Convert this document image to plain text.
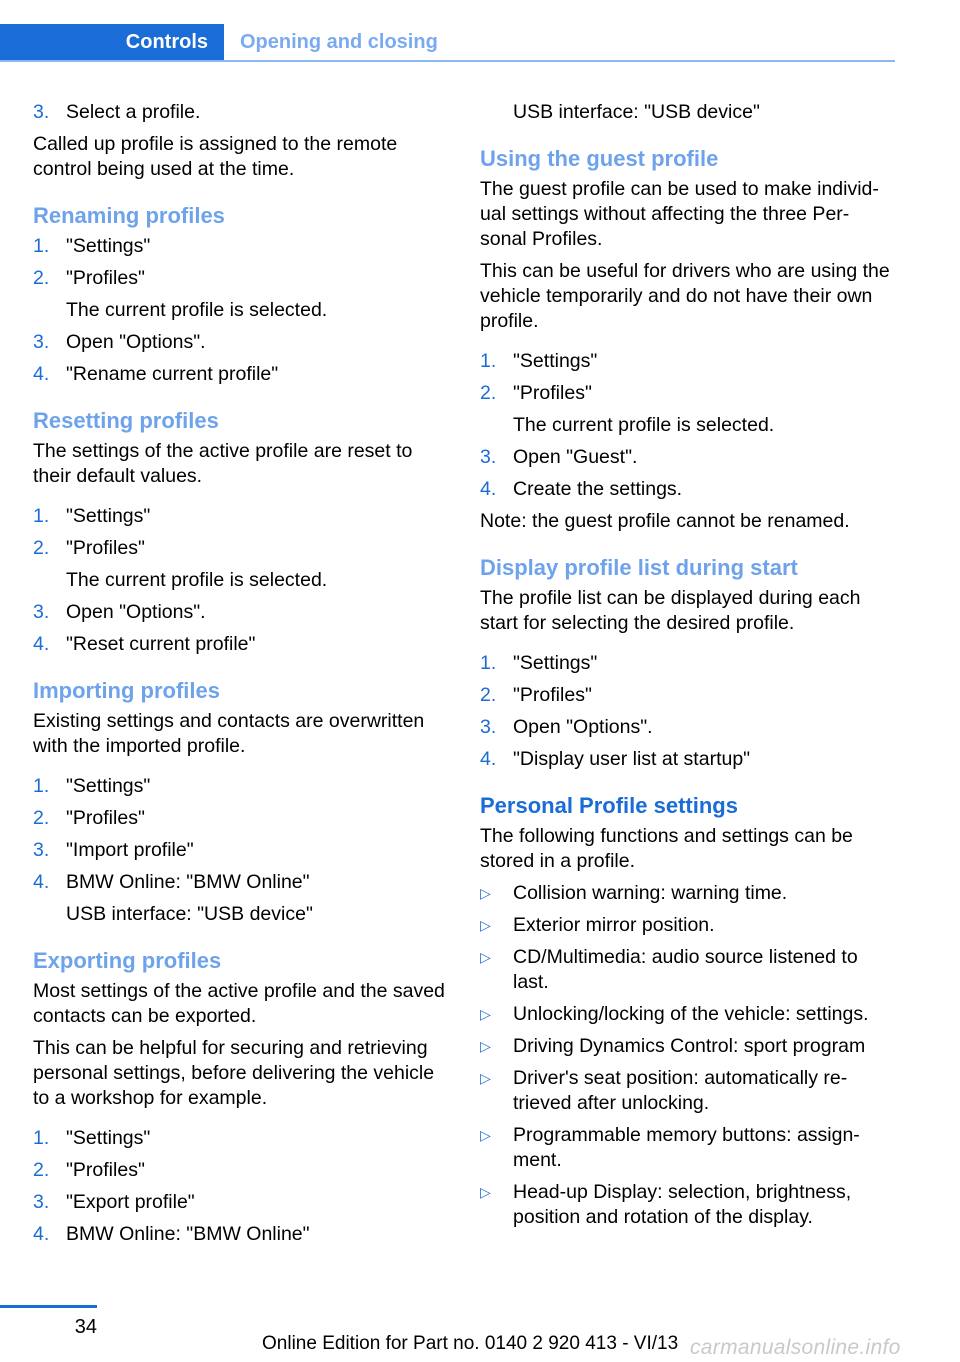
Controls	Opening and closing
3. Select a profile.

Called up profile is assigned to the remote control being used at the time.

Renaming profiles
1. "Settings"
2. "Profiles"
The current profile is selected.
3. Open "Options".
4. "Rename current profile"
Resetting profiles

The settings of the active profile are reset to their default values.

1. "Settings"
2. "Profiles"
The current profile is selected.
3. Open "Options".
4. "Reset current profile"
Importing profiles

Existing settings and contacts are overwritten with the imported profile.

1. "Settings"
2. "Profiles"
3. "Import profile"
4. BMW Online: "BMW Online"
USB interface: "USB device"
Exporting profiles

Most settings of the active profile and the saved contacts can be exported.

This can be helpful for securing and retrieving personal settings, before delivering the vehicle to a workshop for example.

1. "Settings"
2. "Profiles"
3. "Export profile"
4. BMW Online: "BMW Online"

USB interface: "USB device"

Using the guest profile

The guest profile can be used to make individ-ual settings without affecting the three Per-sonal Profiles.

This can be useful for drivers who are using the vehicle temporarily and do not have their own profile.

1. "Settings"
2. "Profiles"
The current profile is selected.
3. Open "Guest".
4. Create the settings.

Note: the guest profile cannot be renamed.

Display profile list during start

The profile list can be displayed during each start for selecting the desired profile.

1. "Settings"
2. "Profiles"
3. Open "Options".
4. "Display user list at startup"
Personal Profile settings

The following functions and settings can be stored in a profile.

▷	Collision warning: warning time.
▷	Exterior mirror position.
▷	CD/Multimedia: audio source listened to last.
▷	Unlocking/locking of the vehicle: settings.
▷	Driving Dynamics Control: sport program
▷	Driver's seat position: automatically re-trieved after unlocking.
▷	Programmable memory buttons: assign-ment.
▷	Head-up Display: selection, brightness, position and rotation of the display.
34
Online Edition for Part no. 0140 2 920 413 - VI/13 carmanualsonline.info
